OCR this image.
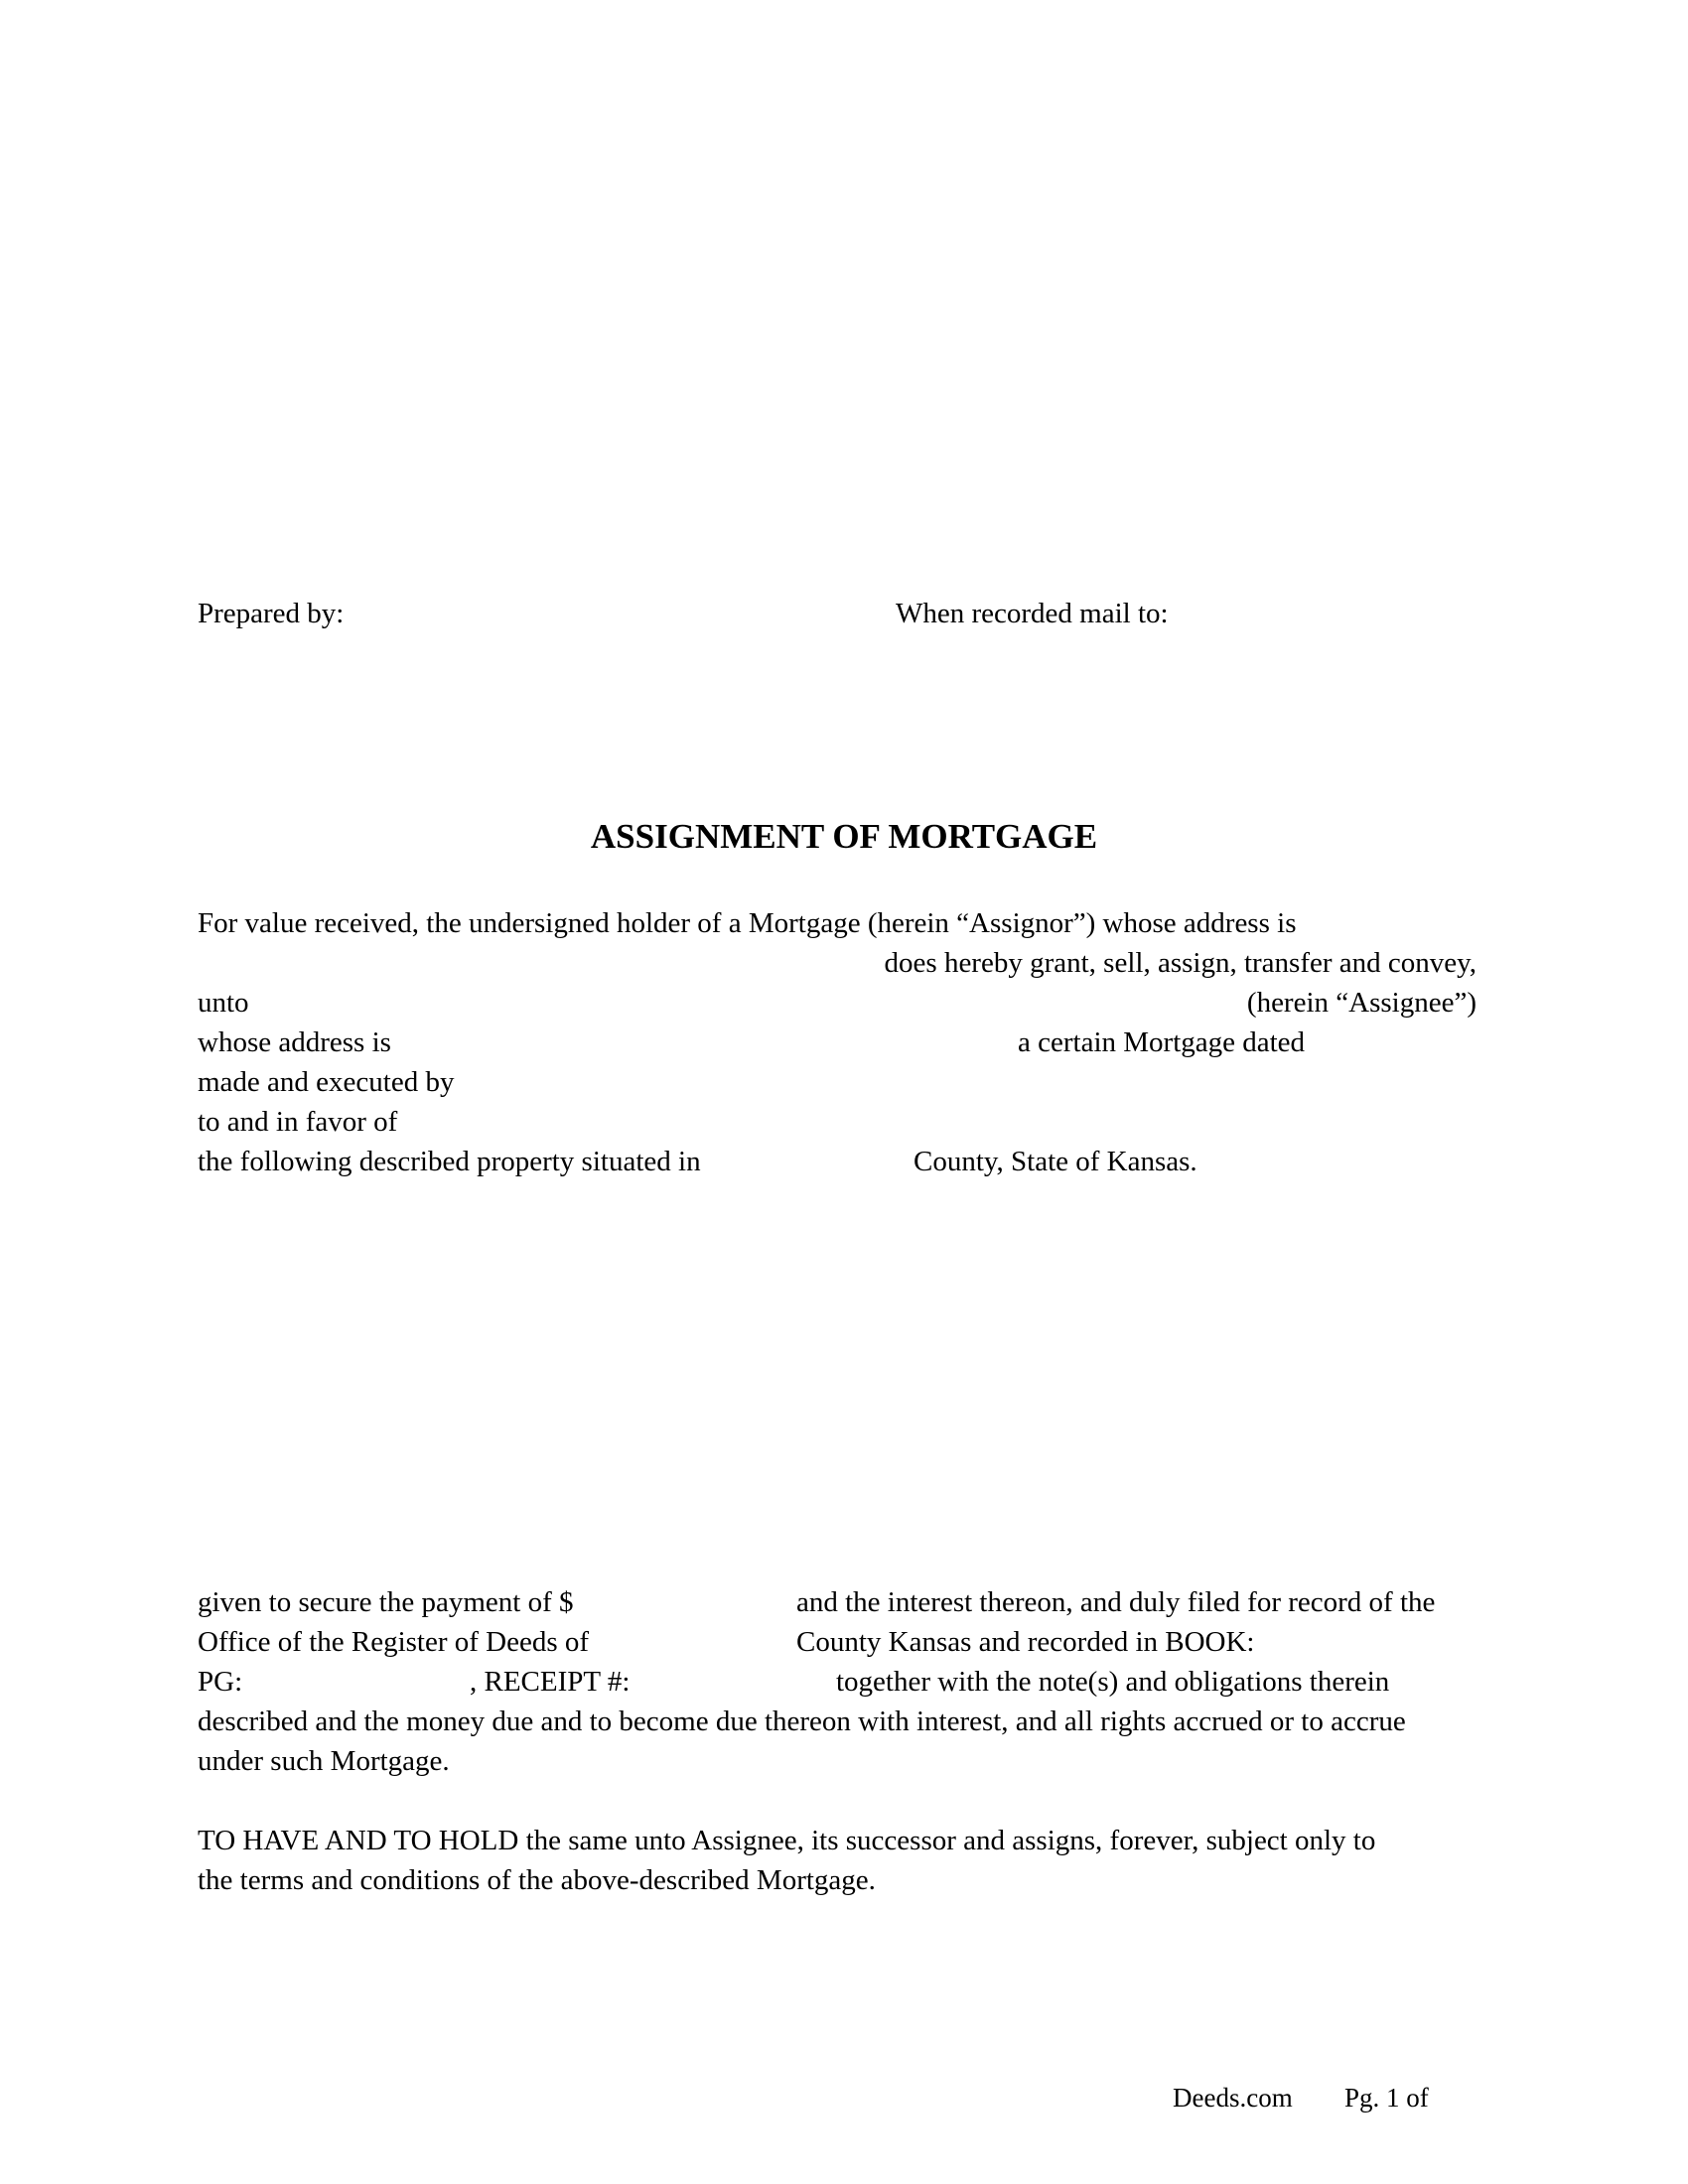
Prepared by:	When recorded mail to:
ASSIGNMENT OF MORTGAGE
For value received, the undersigned holder of a Mortgage (herein “Assignor”) whose address is
does hereby grant, sell, assign, transfer and convey,
unto	(herein “Assignee”)
whose address is	a certain Mortgage dated
made and executed by
to and in favor of
the following described property situated in	County, State of Kansas.
given to secure the payment of $	and the interest thereon, and duly filed for record of the
Office of the Register of Deeds of	County Kansas and recorded in BOOK:
PG:	, RECEIPT #:	together with the note(s) and obligations therein
described and the money due and to become due thereon with interest, and all rights accrued or to accrue
under such Mortgage.
TO HAVE AND TO HOLD the same unto Assignee, its successor and assigns, forever, subject only to
the terms and conditions of the above-described Mortgage.
Deeds.com Pg. 1 of
